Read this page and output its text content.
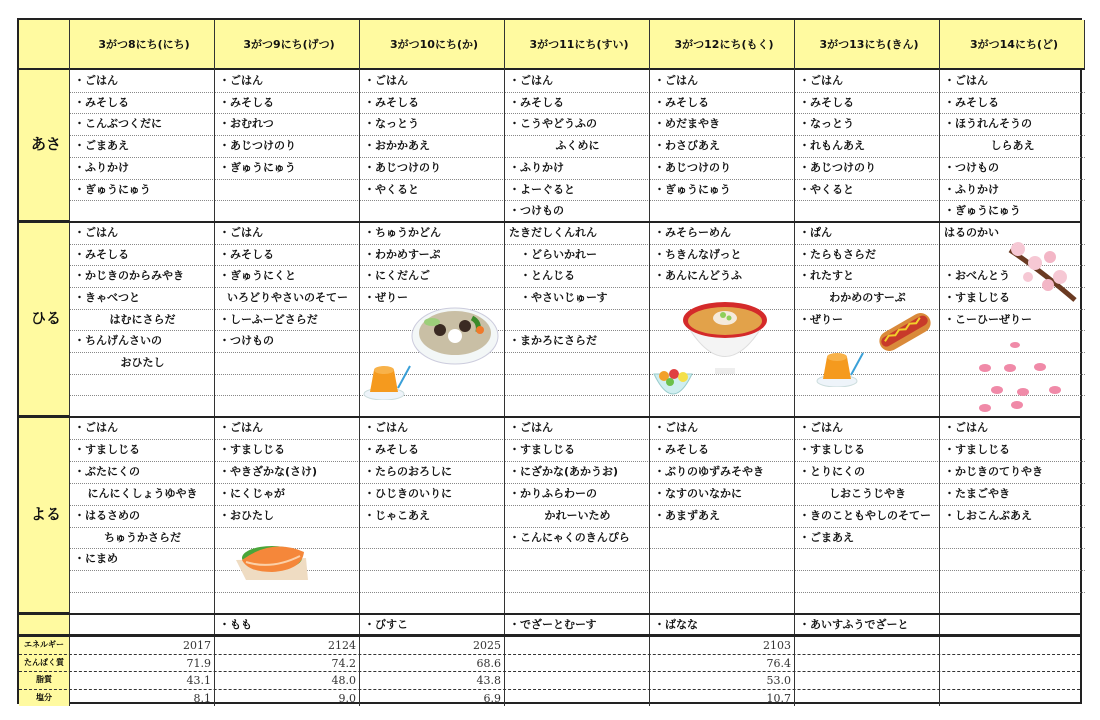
あさ
ひる
よる
エネルギー
たんぱく質
脂質
塩分
3がつ8にち(にち)
・ごはん
・みそしる
・こんぶつくだに
・ごまあえ
・ふりかけ
・ぎゅうにゅう
・ごはん
・みそしる
・かじきのからみやき
・きゃべつと
はむにさらだ
・ちんげんさいの
おひたし
・ごはん
・すましじる
・ぶたにくの
にんにくしょうゆやき
・はるさめの
ちゅうかさらだ
・にまめ
2017
71.9
43.1
8.1
3がつ9にち(げつ)
・ごはん
・みそしる
・おむれつ
・あじつけのり
・ぎゅうにゅう
・ごはん
・みそしる
・ぎゅうにくと
いろどりやさいのそてー
・しーふーどさらだ
・つけもの
・ごはん
・すましじる
・やきざかな(さけ)
・にくじゃが
・おひたし
・もも
2124
74.2
48.0
9.0
3がつ10にち(か)
・ごはん
・みそしる
・なっとう
・おかかあえ
・あじつけのり
・やくると
・ちゅうかどん
・わかめすーぷ
・にくだんご
・ぜりー
・ごはん
・みそしる
・たらのおろしに
・ひじきのいりに
・じゃこあえ
・びすこ
2025
68.6
43.8
6.9
3がつ11にち(すい)
・ごはん
・みそしる
・こうやどうふの
ふくめに
・ふりかけ
・よーぐると
・つけもの
たきだしくんれん
　・どらいかれー
　・とんじる
　・やさいじゅーす
・まかろにさらだ
・ごはん
・すましじる
・にざかな(あかうお)
・かりふらわーの
かれーいため
・こんにゃくのきんぴら
・でざーとむーす
3がつ12にち(もく)
・ごはん
・みそしる
・めだまやき
・わさびあえ
・あじつけのり
・ぎゅうにゅう
・みそらーめん
・ちきんなげっと
・あんにんどうふ
・ごはん
・みそしる
・ぶりのゆずみそやき
・なすのいなかに
・あまずあえ
・ばなな
2103
76.4
53.0
10.7
3がつ13にち(きん)
・ごはん
・みそしる
・なっとう
・れもんあえ
・あじつけのり
・やくると
・ぱん
・たらもさらだ
・れたすと
わかめのすーぷ
・ぜりー
・ごはん
・すましじる
・とりにくの
しおこうじやき
・きのこともやしのそてー
・ごまあえ
・あいすふうでざーと
3がつ14にち(ど)
・ごはん
・みそしる
・ほうれんそうの
しらあえ
・つけもの
・ふりかけ
・ぎゅうにゅう
はるのかい
・おべんとう
・すましじる
・こーひーぜりー
・ごはん
・すましじる
・かじきのてりやき
・たまごやき
・しおこんぶあえ
